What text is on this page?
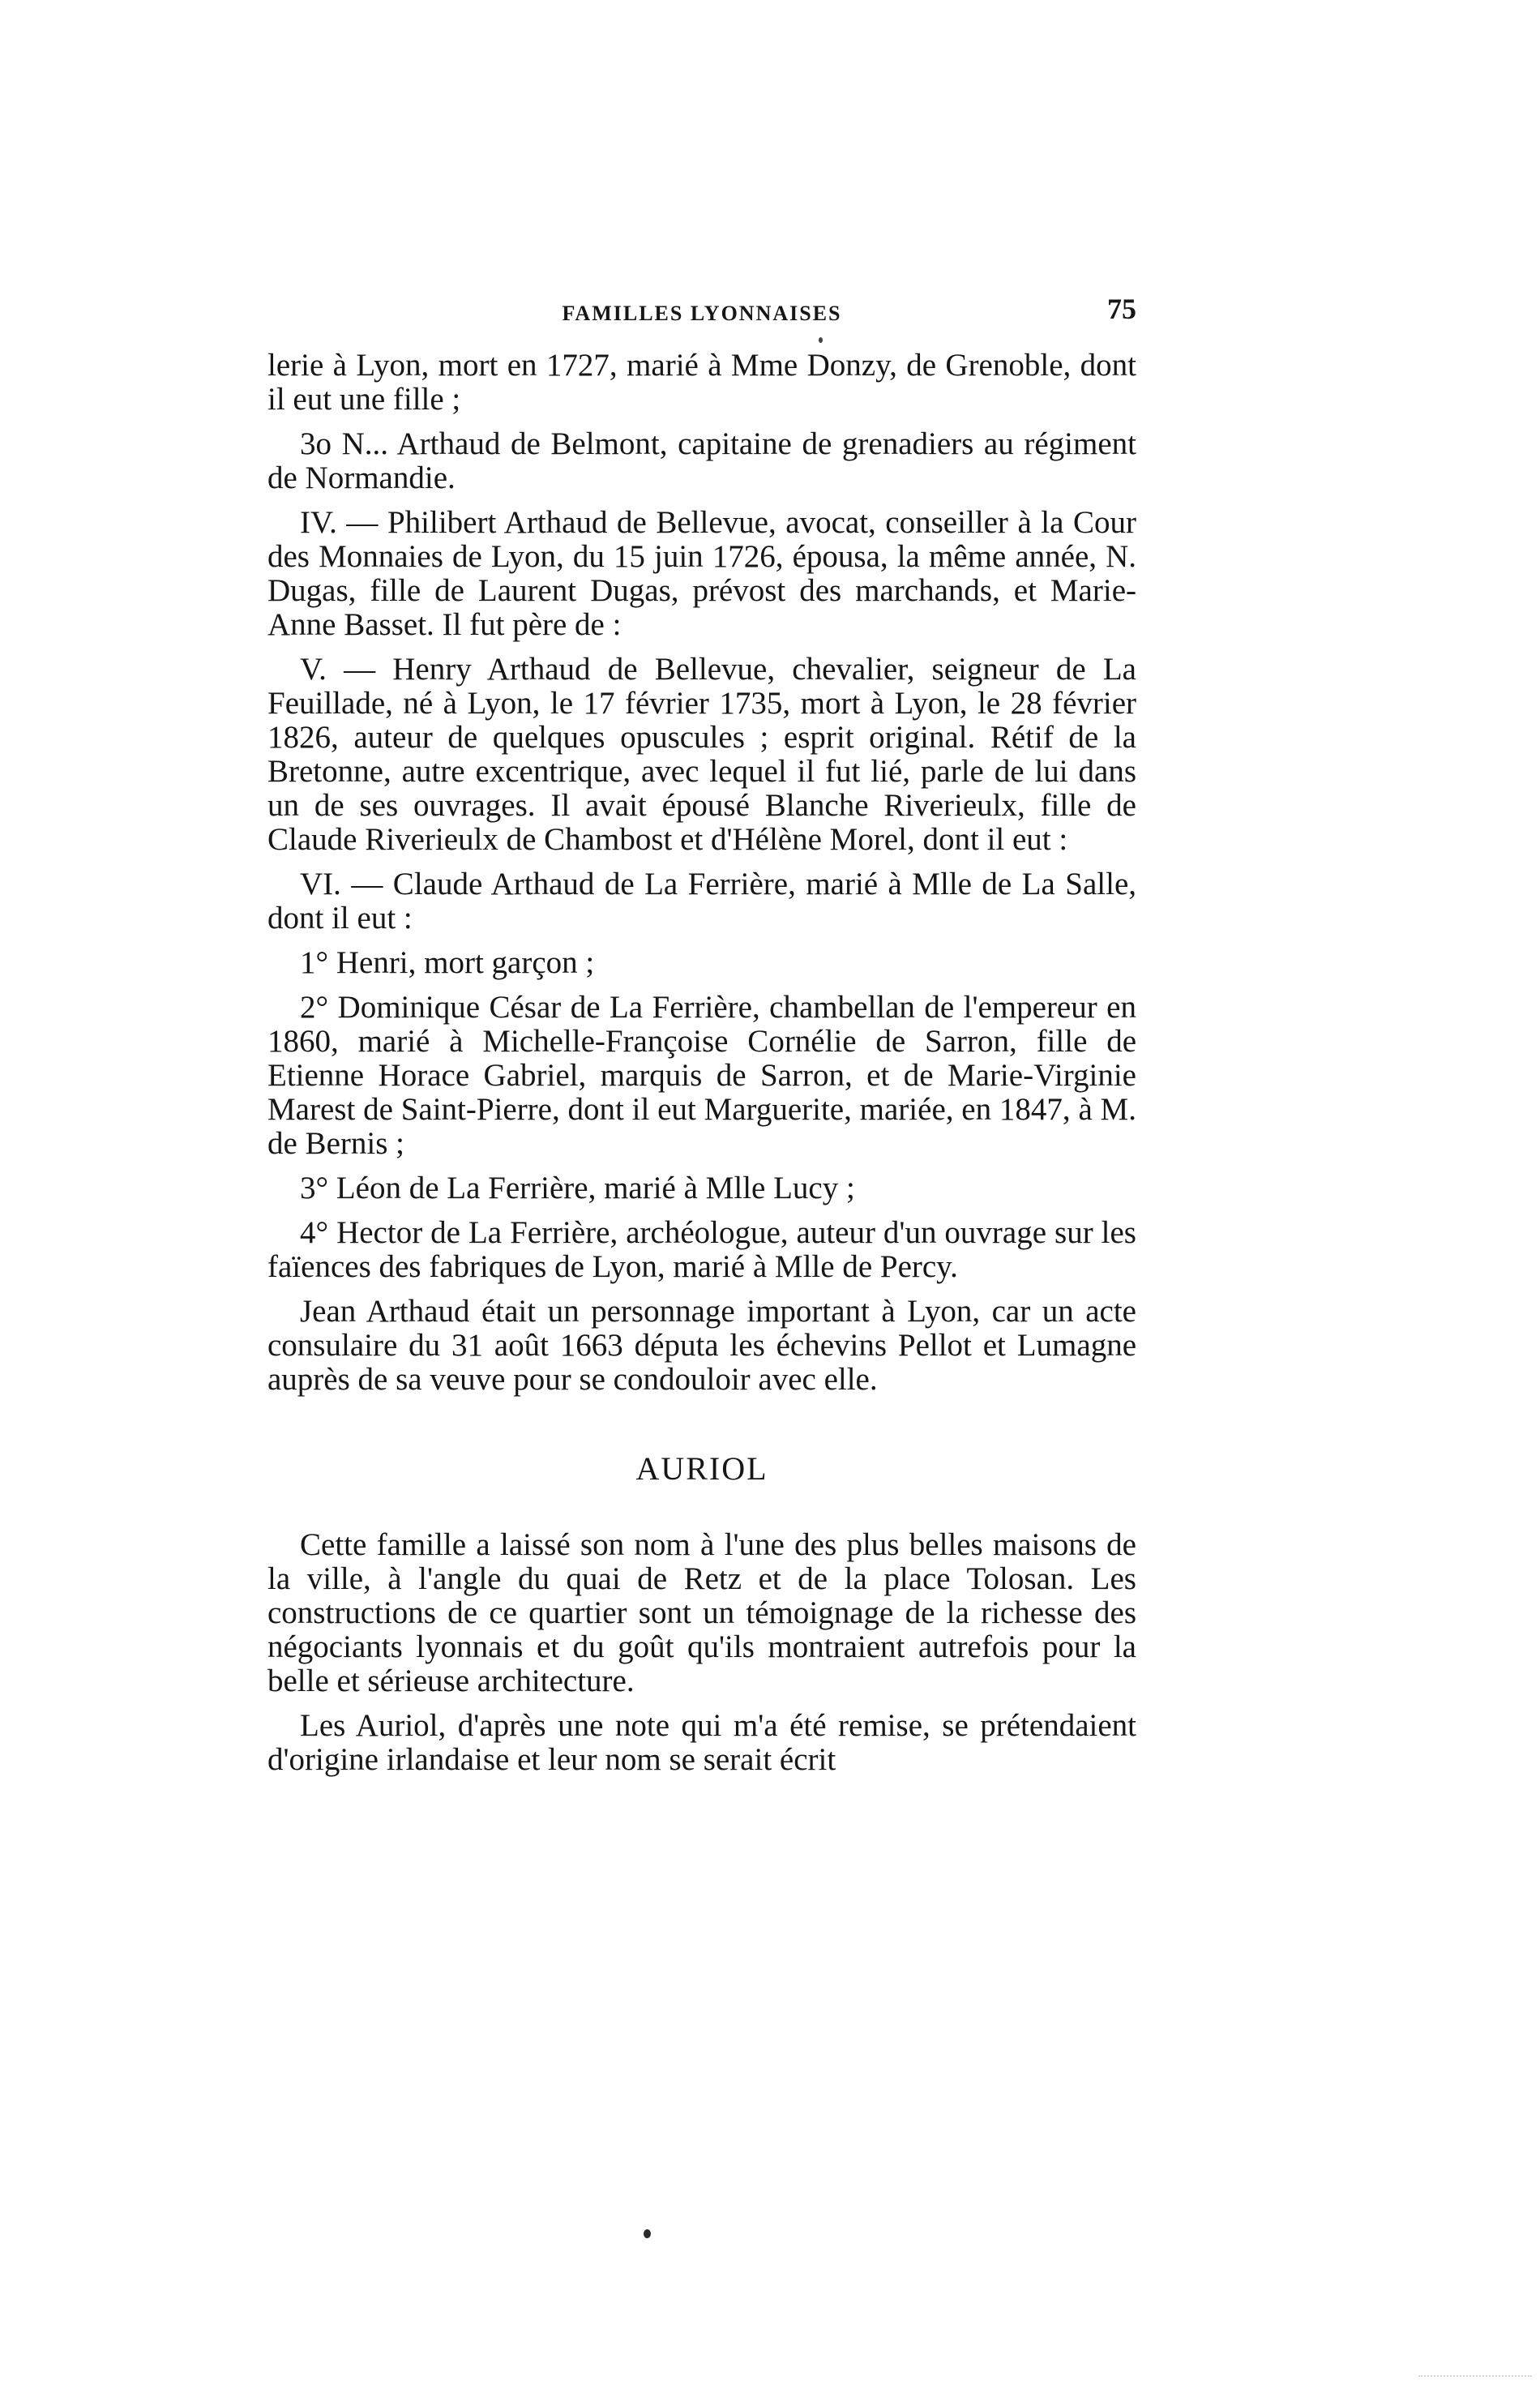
FAMILLES LYONNAISES	75

lerie à Lyon, mort en 1727, marié à Mme Donzy, de Grenoble, dont il eut une fille ;

3o N... Arthaud de Belmont, capitaine de grenadiers au régiment de Normandie.

IV. — Philibert Arthaud de Bellevue, avocat, conseiller à la Cour des Monnaies de Lyon, du 15 juin 1726, épousa, la même année, N. Dugas, fille de Laurent Dugas, prévost des marchands, et Marie-Anne Basset. Il fut père de :

V. — Henry Arthaud de Bellevue, chevalier, seigneur de La Feuillade, né à Lyon, le 17 février 1735, mort à Lyon, le 28 février 1826, auteur de quelques opuscules ; esprit original. Rétif de la Bretonne, autre excentrique, avec lequel il fut lié, parle de lui dans un de ses ouvrages. Il avait épousé Blanche Riverieulx, fille de Claude Riverieulx de Chambost et d'Hélène Morel, dont il eut :

VI. — Claude Arthaud de La Ferrière, marié à Mlle de La Salle, dont il eut :

1° Henri, mort garçon ;

2° Dominique César de La Ferrière, chambellan de l'empereur en 1860, marié à Michelle-Françoise Cornélie de Sarron, fille de Etienne Horace Gabriel, marquis de Sarron, et de Marie-Virginie Marest de Saint-Pierre, dont il eut Marguerite, mariée, en 1847, à M. de Bernis ;

3° Léon de La Ferrière, marié à Mlle Lucy ;

4° Hector de La Ferrière, archéologue, auteur d'un ouvrage sur les faïences des fabriques de Lyon, marié à Mlle de Percy.

Jean Arthaud était un personnage important à Lyon, car un acte consulaire du 31 août 1663 députa les échevins Pellot et Lumagne auprès de sa veuve pour se condouloir avec elle.

AURIOL

Cette famille a laissé son nom à l'une des plus belles maisons de la ville, à l'angle du quai de Retz et de la place Tolosan. Les constructions de ce quartier sont un témoignage de la richesse des négociants lyonnais et du goût qu'ils montraient autrefois pour la belle et sérieuse architecture.

Les Auriol, d'après une note qui m'a été remise, se prétendaient d'origine irlandaise et leur nom se serait écrit
